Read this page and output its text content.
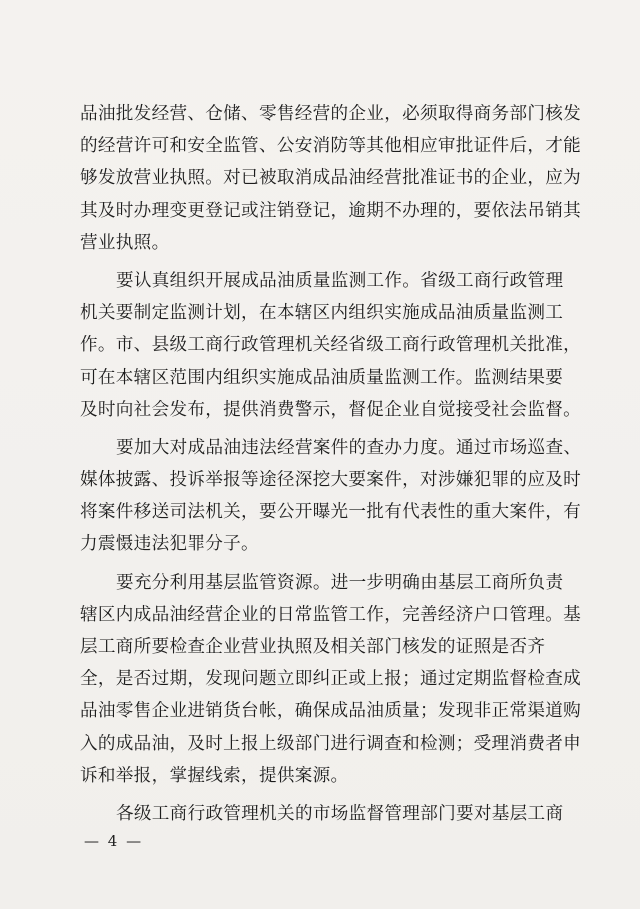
品油批发经营、仓储、零售经营的企业，必须取得商务部门核发
的经营许可和安全监管、公安消防等其他相应审批证件后，才能
够发放营业执照。对已被取消成品油经营批准证书的企业，应为
其及时办理变更登记或注销登记，逾期不办理的，要依法吊销其
营业执照。
要认真组织开展成品油质量监测工作。省级工商行政管理
机关要制定监测计划，在本辖区内组织实施成品油质量监测工
作。市、县级工商行政管理机关经省级工商行政管理机关批准，
可在本辖区范围内组织实施成品油质量监测工作。监测结果要
及时向社会发布，提供消费警示，督促企业自觉接受社会监督。
要加大对成品油违法经营案件的查办力度。通过市场巡查、
媒体披露、投诉举报等途径深挖大要案件，对涉嫌犯罪的应及时
将案件移送司法机关，要公开曝光一批有代表性的重大案件，有
力震慑违法犯罪分子。
要充分利用基层监管资源。进一步明确由基层工商所负责
辖区内成品油经营企业的日常监管工作，完善经济户口管理。基
层工商所要检查企业营业执照及相关部门核发的证照是否齐
全，是否过期，发现问题立即纠正或上报；通过定期监督检查成
品油零售企业进销货台帐，确保成品油质量；发现非正常渠道购
入的成品油，及时上报上级部门进行调查和检测；受理消费者申
诉和举报，掌握线索，提供案源。
各级工商行政管理机关的市场监督管理部门要对基层工商
— 4 —
